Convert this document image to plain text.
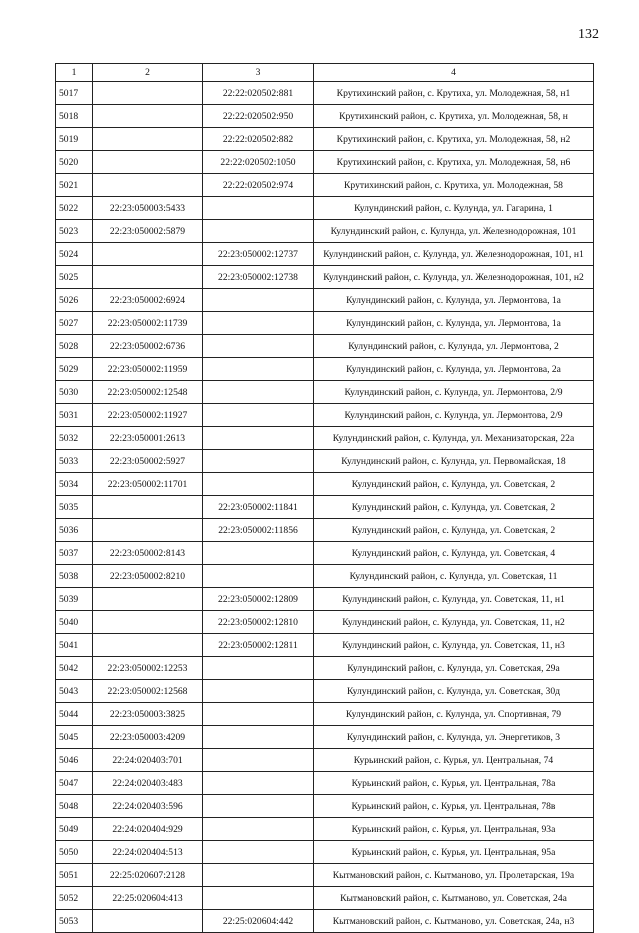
132
1	2	3	4
5017		22:22:020502:881	Крутихинский район, с. Крутиха, ул. Молодежная, 58, н1
5018		22:22:020502:950	Крутихинский район, с. Крутиха, ул. Молодежная, 58, н
5019		22:22:020502:882	Крутихинский район, с. Крутиха, ул. Молодежная, 58, н2
5020		22:22:020502:1050	Крутихинский район, с. Крутиха, ул. Молодежная, 58, н6
5021		22:22:020502:974	Крутихинский район, с. Крутиха, ул. Молодежная, 58
5022	22:23:050003:5433		Кулундинский район, с. Кулунда, ул. Гагарина, 1
5023	22:23:050002:5879		Кулундинский район, с. Кулунда, ул. Железнодорожная, 101
5024		22:23:050002:12737	Кулундинский район, с. Кулунда, ул. Железнодорожная, 101, н1
5025		22:23:050002:12738	Кулундинский район, с. Кулунда, ул. Железнодорожная, 101, н2
5026	22:23:050002:6924		Кулундинский район, с. Кулунда, ул. Лермонтова, 1а
5027	22:23:050002:11739		Кулундинский район, с. Кулунда, ул. Лермонтова, 1а
5028	22:23:050002:6736		Кулундинский район, с. Кулунда, ул. Лермонтова, 2
5029	22:23:050002:11959		Кулундинский район, с. Кулунда, ул. Лермонтова, 2а
5030	22:23:050002:12548		Кулундинский район, с. Кулунда, ул. Лермонтова, 2/9
5031	22:23:050002:11927		Кулундинский район, с. Кулунда, ул. Лермонтова, 2/9
5032	22:23:050001:2613		Кулундинский район, с. Кулунда, ул. Механизаторская, 22а
5033	22:23:050002:5927		Кулундинский район, с. Кулунда, ул. Первомайская, 18
5034	22:23:050002:11701		Кулундинский район, с. Кулунда, ул. Советская, 2
5035		22:23:050002:11841	Кулундинский район, с. Кулунда, ул. Советская, 2
5036		22:23:050002:11856	Кулундинский район, с. Кулунда, ул. Советская, 2
5037	22:23:050002:8143		Кулундинский район, с. Кулунда, ул. Советская, 4
5038	22:23:050002:8210		Кулундинский район, с. Кулунда, ул. Советская, 11
5039		22:23:050002:12809	Кулундинский район, с. Кулунда, ул. Советская, 11, н1
5040		22:23:050002:12810	Кулундинский район, с. Кулунда, ул. Советская, 11, н2
5041		22:23:050002:12811	Кулундинский район, с. Кулунда, ул. Советская, 11, н3
5042	22:23:050002:12253		Кулундинский район, с. Кулунда, ул. Советская, 29а
5043	22:23:050002:12568		Кулундинский район, с. Кулунда, ул. Советская, 30д
5044	22:23:050003:3825		Кулундинский район, с. Кулунда, ул. Спортивная, 79
5045	22:23:050003:4209		Кулундинский район, с. Кулунда, ул. Энергетиков, 3
5046	22:24:020403:701		Курьинский район, с. Курья, ул. Центральная, 74
5047	22:24:020403:483		Курьинский район, с. Курья, ул. Центральная, 78а
5048	22:24:020403:596		Курьинский район, с. Курья, ул. Центральная, 78в
5049	22:24:020404:929		Курьинский район, с. Курья, ул. Центральная, 93а
5050	22:24:020404:513		Курьинский район, с. Курья, ул. Центральная, 95а
5051	22:25:020607:2128		Кытмановский район, с. Кытманово, ул. Пролетарская, 19а
5052	22:25:020604:413		Кытмановский район, с. Кытманово, ул. Советская, 24а
5053		22:25:020604:442	Кытмановский район, с. Кытманово, ул. Советская, 24а, н3
